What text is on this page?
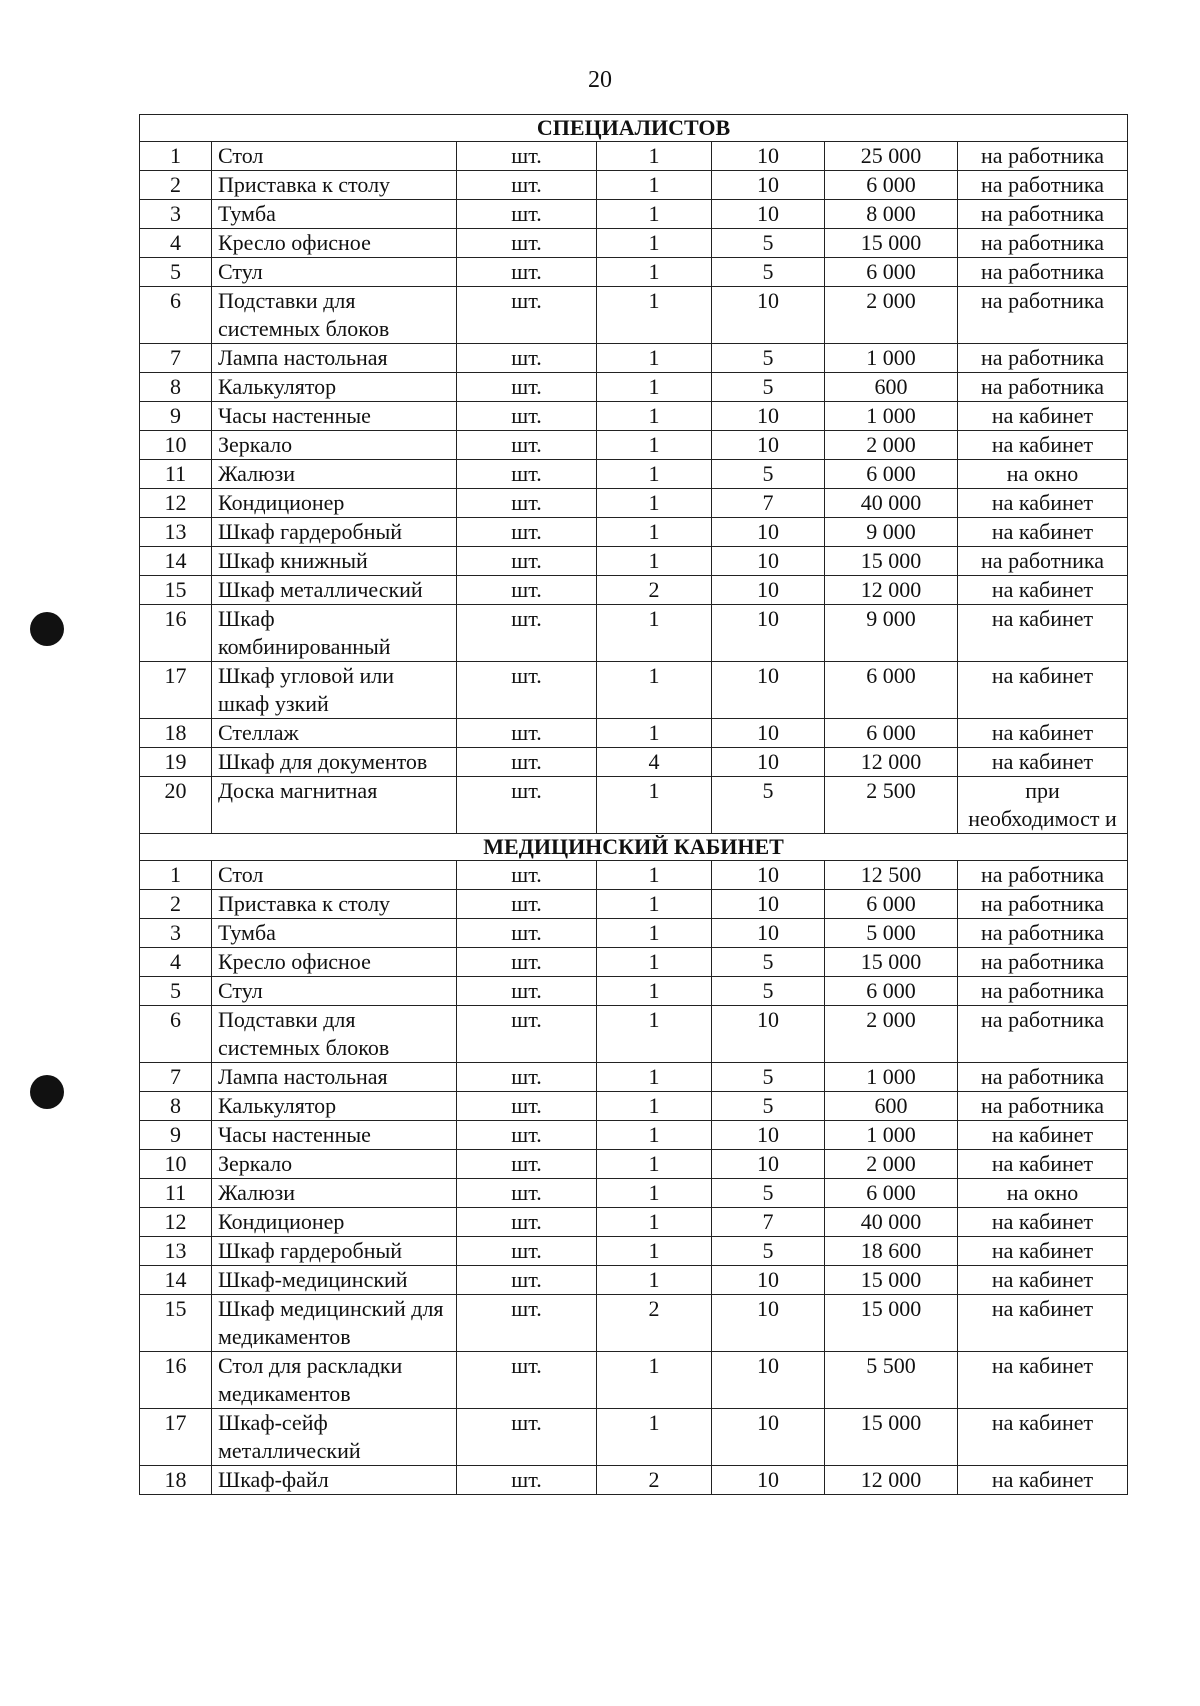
20
СПЕЦИАЛИСТОВ						
1	Стол	шт.	1	10	25 000	на работника
2	Приставка к столу	шт.	1	10	6 000	на работника
3	Тумба	шт.	1	10	8 000	на работника
4	Кресло офисное	шт.	1	5	15 000	на работника
5	Стул	шт.	1	5	6 000	на работника
6	Подставки для системных блоков	шт.	1	10	2 000	на работника
7	Лампа настольная	шт.	1	5	1 000	на работника
8	Калькулятор	шт.	1	5	600	на работника
9	Часы настенные	шт.	1	10	1 000	на кабинет
10	Зеркало	шт.	1	10	2 000	на кабинет
11	Жалюзи	шт.	1	5	6 000	на окно
12	Кондиционер	шт.	1	7	40 000	на кабинет
13	Шкаф гардеробный	шт.	1	10	9 000	на кабинет
14	Шкаф книжный	шт.	1	10	15 000	на работника
15	Шкаф металлический	шт.	2	10	12 000	на кабинет
16	Шкаф комбинированный	шт.	1	10	9 000	на кабинет
17	Шкаф угловой или шкаф узкий	шт.	1	10	6 000	на кабинет
18	Стеллаж	шт.	1	10	6 000	на кабинет
19	Шкаф для документов	шт.	4	10	12 000	на кабинет
20	Доска магнитная	шт.	1	5	2 500	при необходимост и
МЕДИЦИНСКИЙ КАБИНЕТ						
1	Стол	шт.	1	10	12 500	на работника
2	Приставка к столу	шт.	1	10	6 000	на работника
3	Тумба	шт.	1	10	5 000	на работника
4	Кресло офисное	шт.	1	5	15 000	на работника
5	Стул	шт.	1	5	6 000	на работника
6	Подставки для системных блоков	шт.	1	10	2 000	на работника
7	Лампа настольная	шт.	1	5	1 000	на работника
8	Калькулятор	шт.	1	5	600	на работника
9	Часы настенные	шт.	1	10	1 000	на кабинет
10	Зеркало	шт.	1	10	2 000	на кабинет
11	Жалюзи	шт.	1	5	6 000	на окно
12	Кондиционер	шт.	1	7	40 000	на кабинет
13	Шкаф гардеробный	шт.	1	5	18 600	на кабинет
14	Шкаф-медицинский	шт.	1	10	15 000	на кабинет
15	Шкаф медицинский для медикаментов	шт.	2	10	15 000	на кабинет
16	Стол для раскладки медикаментов	шт.	1	10	5 500	на кабинет
17	Шкаф-сейф металлический	шт.	1	10	15 000	на кабинет
18	Шкаф-файл	шт.	2	10	12 000	на кабинет
